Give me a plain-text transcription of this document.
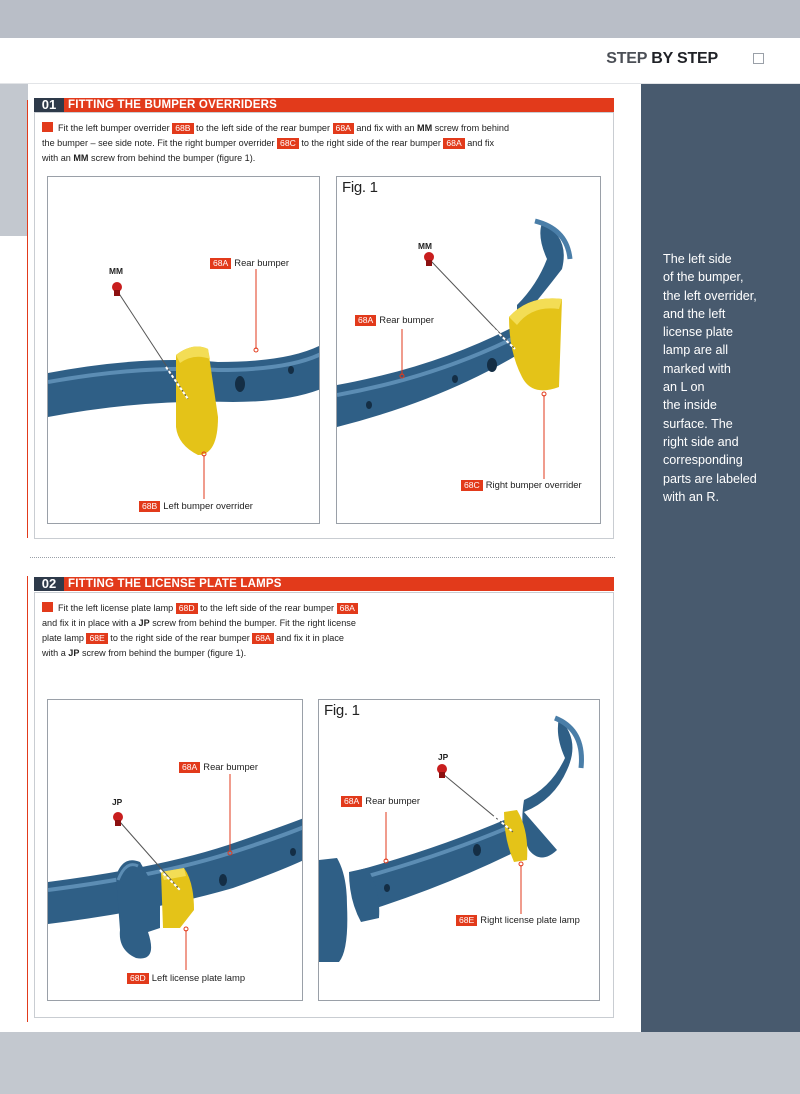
STEP BY STEP
The left side
of the bumper,
the left overrider,
and the left
license plate
lamp are all
marked with
an L on
the inside
surface. The
right side and
corresponding
parts are labeled
with an R.
01	FITTING THE BUMPER OVERRIDERS
Fit the left bumper overrider 68B to the left side of the rear bumper 68A and fix with an MM screw from behind
the bumper – see side note. Fit the right bumper overrider 68C to the right side of the rear bumper 68A and fix
with an MM screw from behind the bumper (figure 1).
MM
68A Rear bumper
68B Left bumper overrider
Fig. 1
MM
68A Rear bumper
68C Right bumper overrider
02	FITTING THE LICENSE PLATE LAMPS
Fit the left license plate lamp 68D to the left side of the rear bumper 68A
and fix it in place with a JP screw from behind the bumper. Fit the right license
plate lamp 68E to the right side of the rear bumper 68A and fix it in place
with a JP screw from behind the bumper (figure 1).
JP
68A Rear bumper
68D Left license plate lamp
Fig. 1
JP
68A Rear bumper
68E Right license plate lamp
